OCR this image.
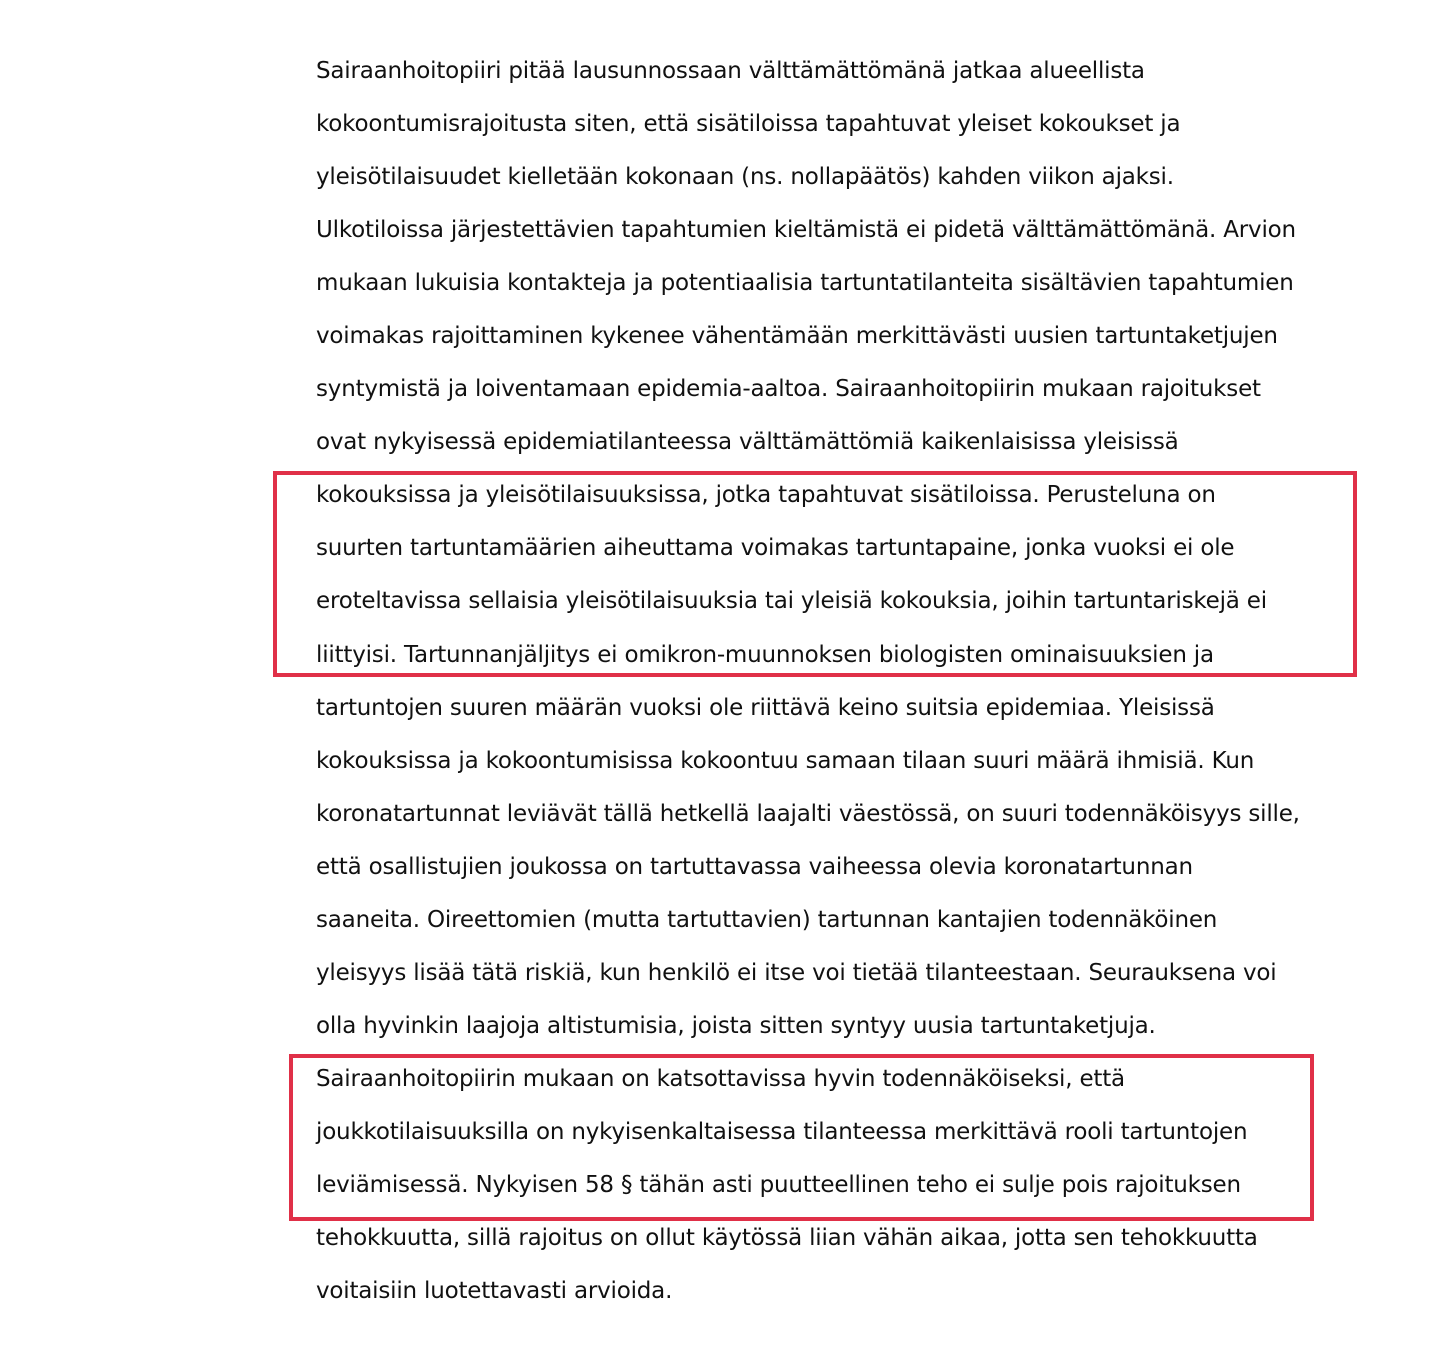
Sairaanhoitopiiri pitää lausunnossaan välttämättömänä jatkaa alueellista
kokoontumisrajoitusta siten, että sisätiloissa tapahtuvat yleiset kokoukset ja
yleisötilaisuudet kielletään kokonaan (ns. nollapäätös) kahden viikon ajaksi.
Ulkotiloissa järjestettävien tapahtumien kieltämistä ei pidetä välttämättömänä. Arvion
mukaan lukuisia kontakteja ja potentiaalisia tartuntatilanteita sisältävien tapahtumien
voimakas rajoittaminen kykenee vähentämään merkittävästi uusien tartuntaketjujen
syntymistä ja loiventamaan epidemia-aaltoa. Sairaanhoitopiirin mukaan rajoitukset
ovat nykyisessä epidemiatilanteessa välttämättömiä kaikenlaisissa yleisissä
kokouksissa ja yleisötilaisuuksissa, jotka tapahtuvat sisätiloissa. Perusteluna on
suurten tartuntamäärien aiheuttama voimakas tartuntapaine, jonka vuoksi ei ole
eroteltavissa sellaisia yleisötilaisuuksia tai yleisiä kokouksia, joihin tartuntariskejä ei
liittyisi. Tartunnanjäljitys ei omikron-muunnoksen biologisten ominaisuuksien ja
tartuntojen suuren määrän vuoksi ole riittävä keino suitsia epidemiaa. Yleisissä
kokouksissa ja kokoontumisissa kokoontuu samaan tilaan suuri määrä ihmisiä. Kun
koronatartunnat leviävät tällä hetkellä laajalti väestössä, on suuri todennäköisyys sille,
että osallistujien joukossa on tartuttavassa vaiheessa olevia koronatartunnan
saaneita. Oireettomien (mutta tartuttavien) tartunnan kantajien todennäköinen
yleisyys lisää tätä riskiä, kun henkilö ei itse voi tietää tilanteestaan. Seurauksena voi
olla hyvinkin laajoja altistumisia, joista sitten syntyy uusia tartuntaketjuja.
Sairaanhoitopiirin mukaan on katsottavissa hyvin todennäköiseksi, että
joukkotilaisuuksilla on nykyisenkaltaisessa tilanteessa merkittävä rooli tartuntojen
leviämisessä. Nykyisen 58 § tähän asti puutteellinen teho ei sulje pois rajoituksen
tehokkuutta, sillä rajoitus on ollut käytössä liian vähän aikaa, jotta sen tehokkuutta
voitaisiin luotettavasti arvioida.
